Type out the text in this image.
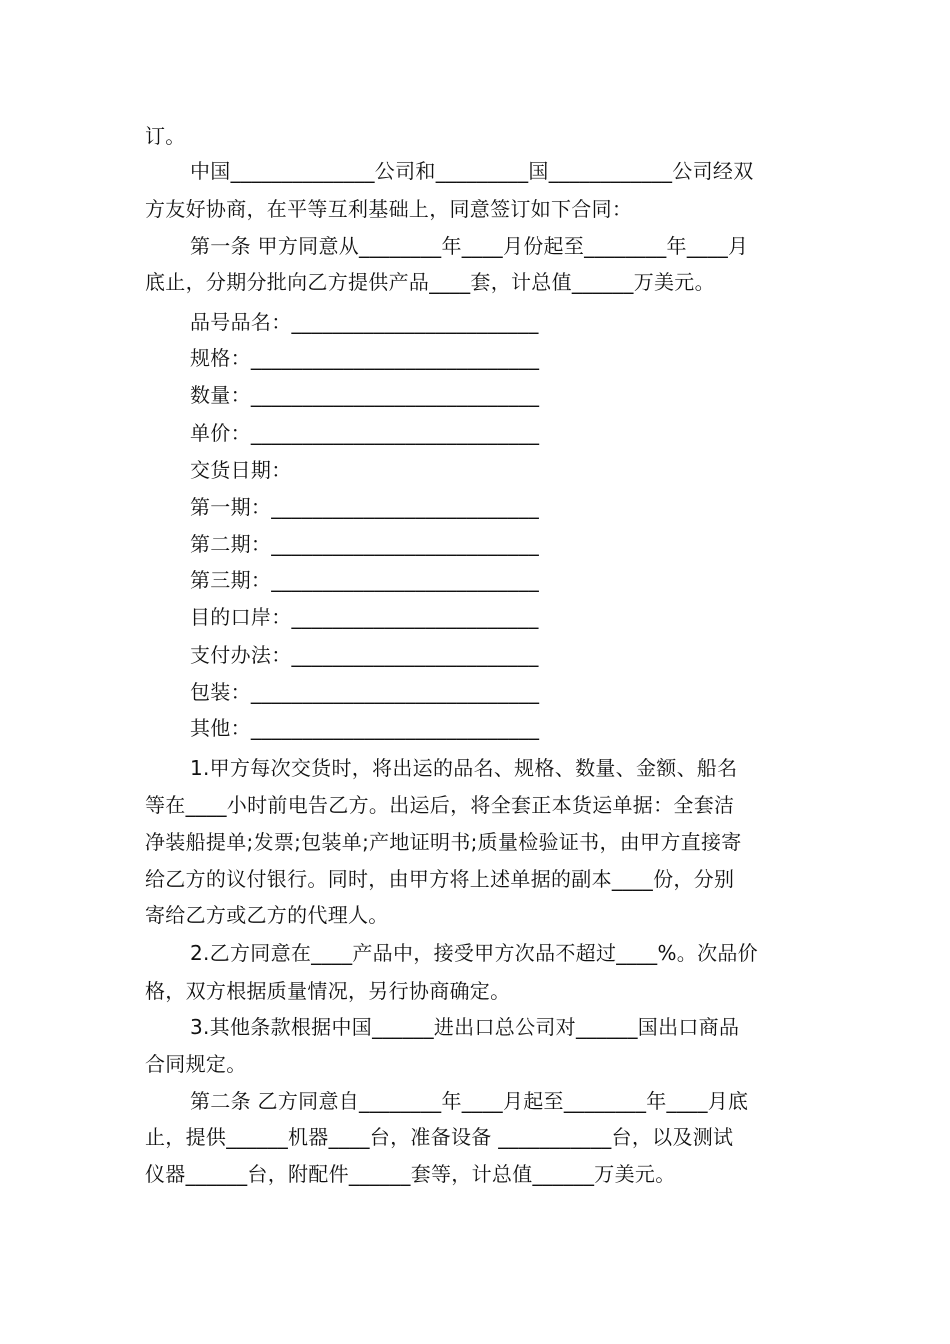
订。
中国______________公司和_________国____________公司经双
方友好协商，在平等互利基础上，同意签订如下合同：
第一条 甲方同意从________年____月份起至________年____月
底止，分期分批向乙方提供产品____套，计总值______万美元。
品号品名：________________________
规格：____________________________
数量：____________________________
单价：____________________________
交货日期：
第一期：__________________________
第二期：__________________________
第三期：__________________________
目的口岸：________________________
支付办法：________________________
包装：____________________________
其他：____________________________
1.甲方每次交货时，将出运的品名、规格、数量、金额、船名
等在____小时前电告乙方。出运后，将全套正本货运单据：全套洁
净装船提单;发票;包装单;产地证明书;质量检验证书，由甲方直接寄
给乙方的议付银行。同时，由甲方将上述单据的副本____份，分别
寄给乙方或乙方的代理人。
2.乙方同意在____产品中，接受甲方次品不超过____%。次品价
格，双方根据质量情况，另行协商确定。
3.其他条款根据中国______进出口总公司对______国出口商品
合同规定。
第二条 乙方同意自________年____月起至________年____月底
止，提供______机器____台，准备设备 ___________台，以及测试
仪器______台，附配件______套等，计总值______万美元。
